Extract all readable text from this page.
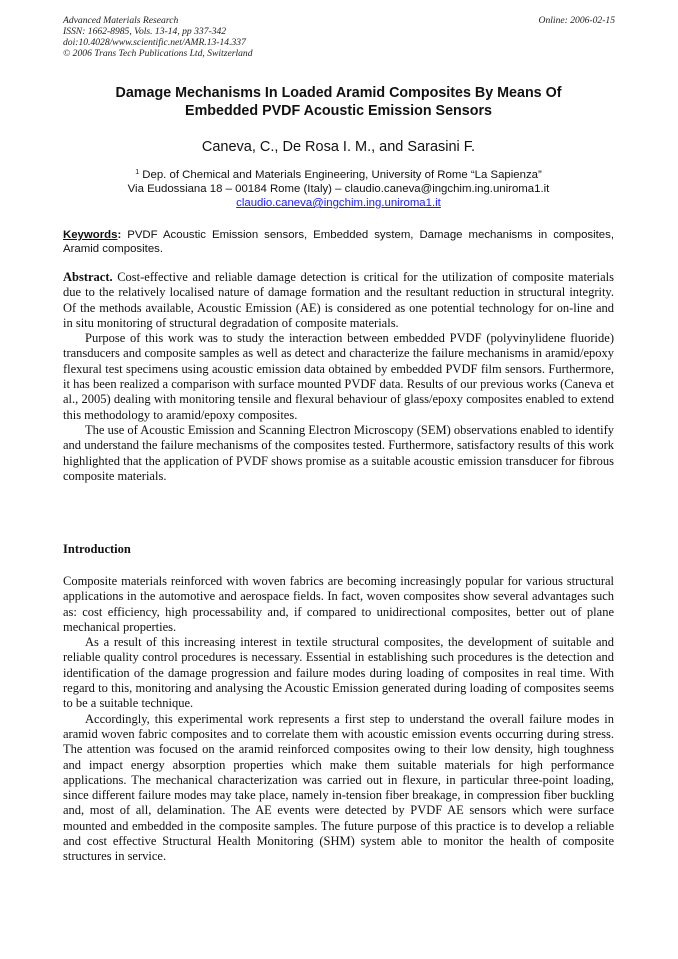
Advanced Materials Research
ISSN: 1662-8985, Vols. 13-14, pp 337-342
doi:10.4028/www.scientific.net/AMR.13-14.337
© 2006 Trans Tech Publications Ltd, Switzerland
Online: 2006-02-15
Damage Mechanisms In Loaded Aramid Composites By Means Of
Embedded PVDF Acoustic Emission Sensors
Caneva, C., De Rosa I. M., and Sarasini F.
$^1$ Dep. of Chemical and Materials Engineering, University of Rome “La Sapienza”
Via Eudossiana 18 – 00184 Rome (Italy) – claudio.caneva@ingchim.ing.uniroma1.it
claudio.caneva@ingchim.ing.uniroma1.it
Keywords: PVDF Acoustic Emission sensors, Embedded system, Damage mechanisms in composites, Aramid composites.

Abstract. Cost-effective and reliable damage detection is critical for the utilization of composite materials due to the relatively localised nature of damage formation and the resultant reduction in structural integrity. Of the methods available, Acoustic Emission (AE) is considered as one potential technology for on-line and in situ monitoring of structural degradation of composite materials.

Purpose of this work was to study the interaction between embedded PVDF (polyvinylidene fluoride) transducers and composite samples as well as detect and characterize the failure mechanisms in aramid/epoxy flexural test specimens using acoustic emission data obtained by embedded PVDF film sensors. Furthermore, it has been realized a comparison with surface mounted PVDF data. Results of our previous works (Caneva et al., 2005) dealing with monitoring tensile and flexural behaviour of glass/epoxy composites enabled to extend this methodology to aramid/epoxy composites.

The use of Acoustic Emission and Scanning Electron Microscopy (SEM) observations enabled to identify and understand the failure mechanisms of the composites tested. Furthermore, satisfactory results of this work highlighted that the application of PVDF shows promise as a suitable acoustic emission transducer for fibrous composite materials.

Introduction

Composite materials reinforced with woven fabrics are becoming increasingly popular for various structural applications in the automotive and aerospace fields. In fact, woven composites show several advantages such as: cost efficiency, high processability and, if compared to unidirectional composites, better out of plane mechanical properties.

As a result of this increasing interest in textile structural composites, the development of suitable and reliable quality control procedures is necessary. Essential in establishing such procedures is the detection and identification of the damage progression and failure modes during loading of composites in real time. With regard to this, monitoring and analysing the Acoustic Emission generated during loading of composites seems to be a suitable technique.

Accordingly, this experimental work represents a first step to understand the overall failure modes in aramid woven fabric composites and to correlate them with acoustic emission events occurring during stress. The attention was focused on the aramid reinforced composites owing to their low density, high toughness and impact energy absorption properties which make them suitable materials for high performance applications. The mechanical characterization was carried out in flexure, in particular three-point loading, since different failure modes may take place, namely in-tension fiber breakage, in compression fiber buckling and, most of all, delamination. The AE events were detected by PVDF AE sensors which were surface mounted and embedded in the composite samples. The future purpose of this practice is to develop a reliable and cost effective Structural Health Monitoring (SHM) system able to monitor the health of composite structures in service.
